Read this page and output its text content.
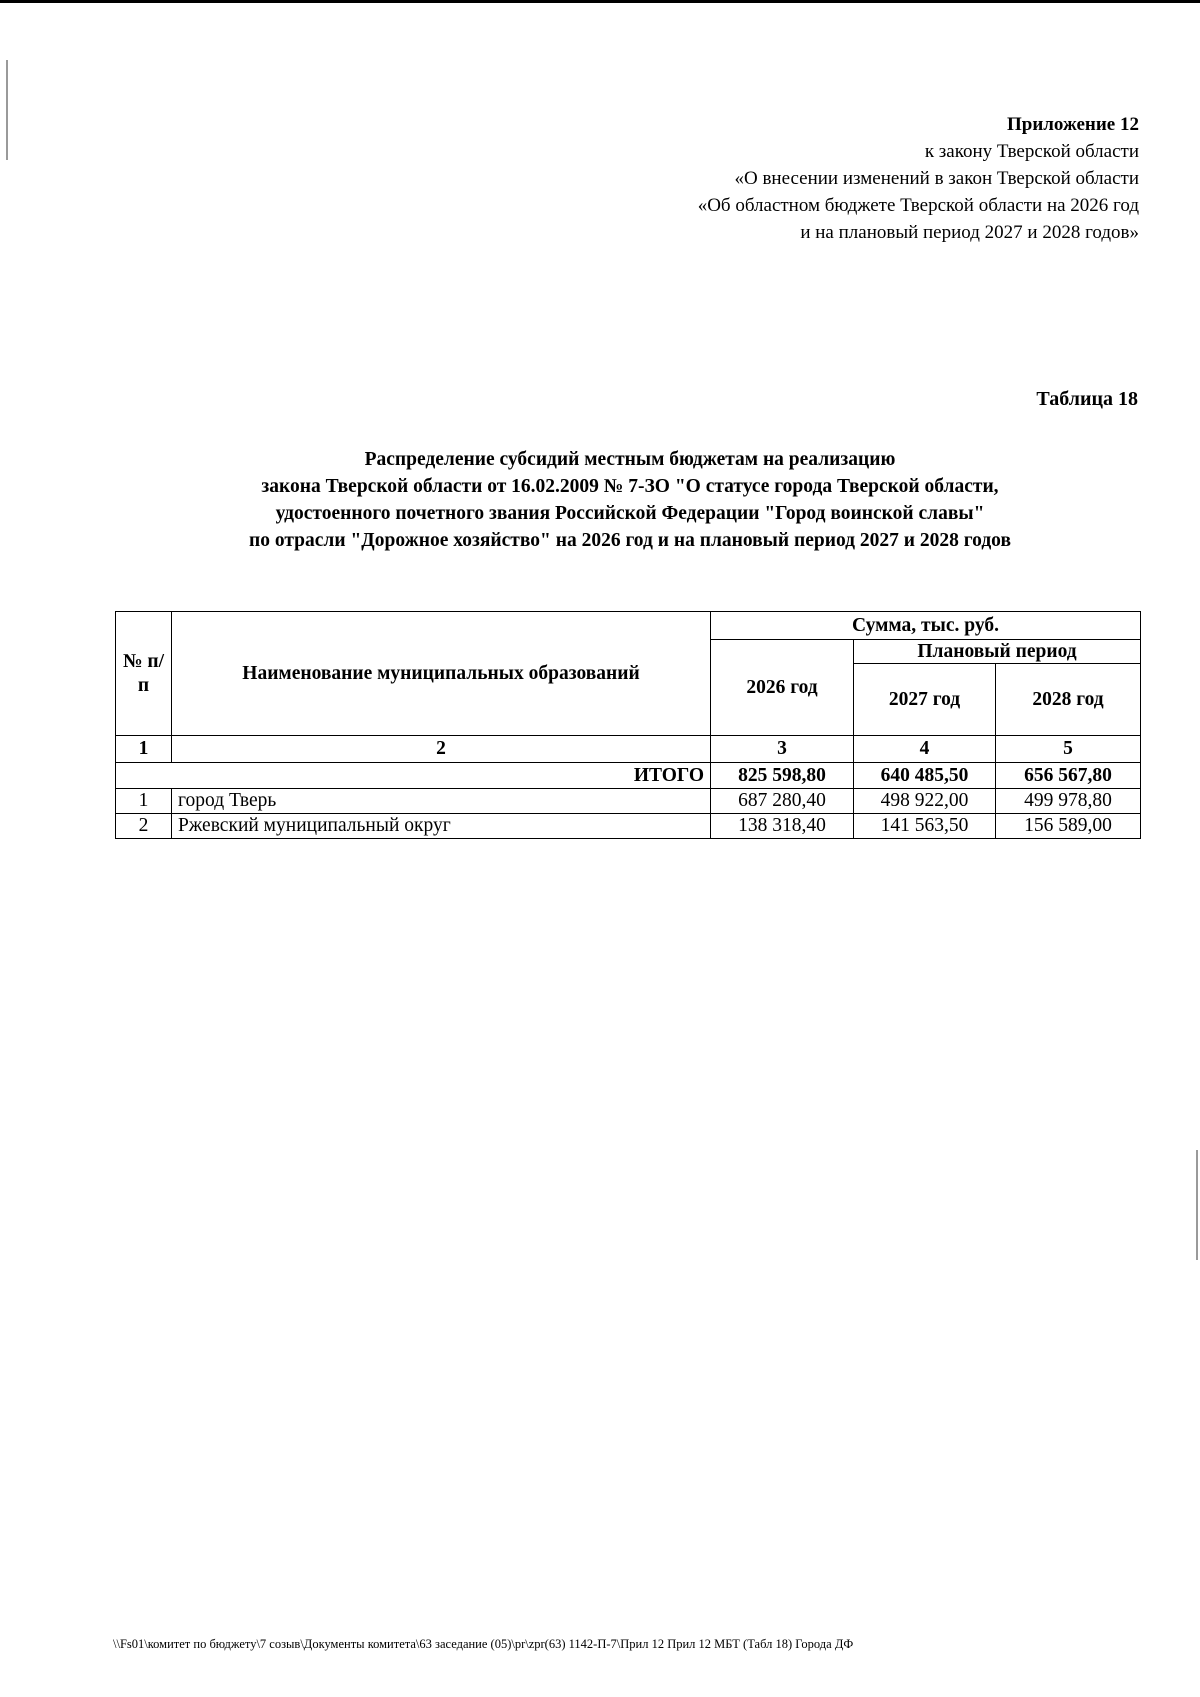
Приложение 12
к закону Тверской области
«О внесении изменений в закон Тверской области
«Об областном бюджете Тверской области на 2026 год
и на плановый период 2027 и 2028 годов»
Таблица 18
Распределение субсидий местным бюджетам на реализацию
закона Тверской области от 16.02.2009 № 7-ЗО "О статусе города Тверской области,
удостоенного почетного звания Российской Федерации "Город воинской славы"
по отрасли "Дорожное хозяйство" на 2026 год и на плановый период 2027 и 2028 годов
№ п/п	Наименование муниципальных образований	Сумма, тыс. руб.		
		2026 год	Плановый период	
			2027 год	2028 год
1	2	3	4	5
ИТОГО		825 598,80	640 485,50	656 567,80
1	город Тверь	687 280,40	498 922,00	499 978,80
2	Ржевский муниципальный округ	138 318,40	141 563,50	156 589,00
\\Fs01\комитет по бюджету\7 созыв\Документы комитета\63 заседание (05)\pr\zpr(63) 1142-П-7\Прил 12 Прил 12 МБТ (Табл 18) Города ДФ
